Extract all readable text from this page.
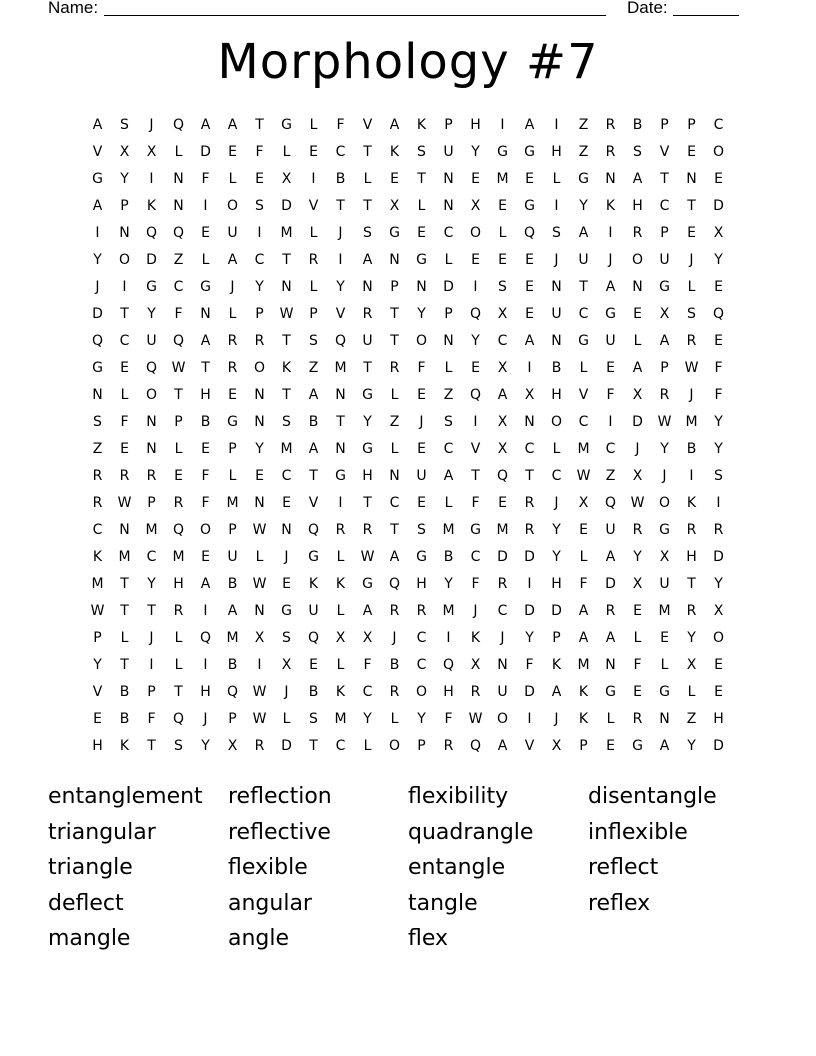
Name:	Date:
Morphology #7
A	S	J	Q	A	A	T	G	L	F	V	A	K	P	H	I	A	I	Z	R	B	P	P	C
V	X	X	L	D	E	F	L	E	C	T	K	S	U	Y	G	G	H	Z	R	S	V	E	O
G	Y	I	N	F	L	E	X	I	B	L	E	T	N	E	M	E	L	G	N	A	T	N	E
A	P	K	N	I	O	S	D	V	T	T	X	L	N	X	E	G	I	Y	K	H	C	T	D
I	N	Q	Q	E	U	I	M	L	J	S	G	E	C	O	L	Q	S	A	I	R	P	E	X
Y	O	D	Z	L	A	C	T	R	I	A	N	G	L	E	E	E	J	U	J	O	U	J	Y
J	I	G	C	G	J	Y	N	L	Y	N	P	N	D	I	S	E	N	T	A	N	G	L	E
D	T	Y	F	N	L	P	W	P	V	R	T	Y	P	Q	X	E	U	C	G	E	X	S	Q
Q	C	U	Q	A	R	R	T	S	Q	U	T	O	N	Y	C	A	N	G	U	L	A	R	E
G	E	Q	W	T	R	O	K	Z	M	T	R	F	L	E	X	I	B	L	E	A	P	W	F
N	L	O	T	H	E	N	T	A	N	G	L	E	Z	Q	A	X	H	V	F	X	R	J	F
S	F	N	P	B	G	N	S	B	T	Y	Z	J	S	I	X	N	O	C	I	D	W	M	Y
Z	E	N	L	E	P	Y	M	A	N	G	L	E	C	V	X	C	L	M	C	J	Y	B	Y
R	R	R	E	F	L	E	C	T	G	H	N	U	A	T	Q	T	C	W	Z	X	J	I	S
R	W	P	R	F	M	N	E	V	I	T	C	E	L	F	E	R	J	X	Q	W	O	K	I
C	N	M	Q	O	P	W	N	Q	R	R	T	S	M	G	M	R	Y	E	U	R	G	R	R
K	M	C	M	E	U	L	J	G	L	W	A	G	B	C	D	D	Y	L	A	Y	X	H	D
M	T	Y	H	A	B	W	E	K	K	G	Q	H	Y	F	R	I	H	F	D	X	U	T	Y
W	T	T	R	I	A	N	G	U	L	A	R	R	M	J	C	D	D	A	R	E	M	R	X
P	L	J	L	Q	M	X	S	Q	X	X	J	C	I	K	J	Y	P	A	A	L	E	Y	O
Y	T	I	L	I	B	I	X	E	L	F	B	C	Q	X	N	F	K	M	N	F	L	X	E
V	B	P	T	H	Q	W	J	B	K	C	R	O	H	R	U	D	A	K	G	E	G	L	E
E	B	F	Q	J	P	W	L	S	M	Y	L	Y	F	W	O	I	J	K	L	R	N	Z	H
H	K	T	S	Y	X	R	D	T	C	L	O	P	R	Q	A	V	X	P	E	G	A	Y	D
entanglement
triangular
triangle
deflect
mangle
reflection
reflective
flexible
angular
angle
flexibility
quadrangle
entangle
tangle
flex
disentangle
inflexible
reflect
reflex
